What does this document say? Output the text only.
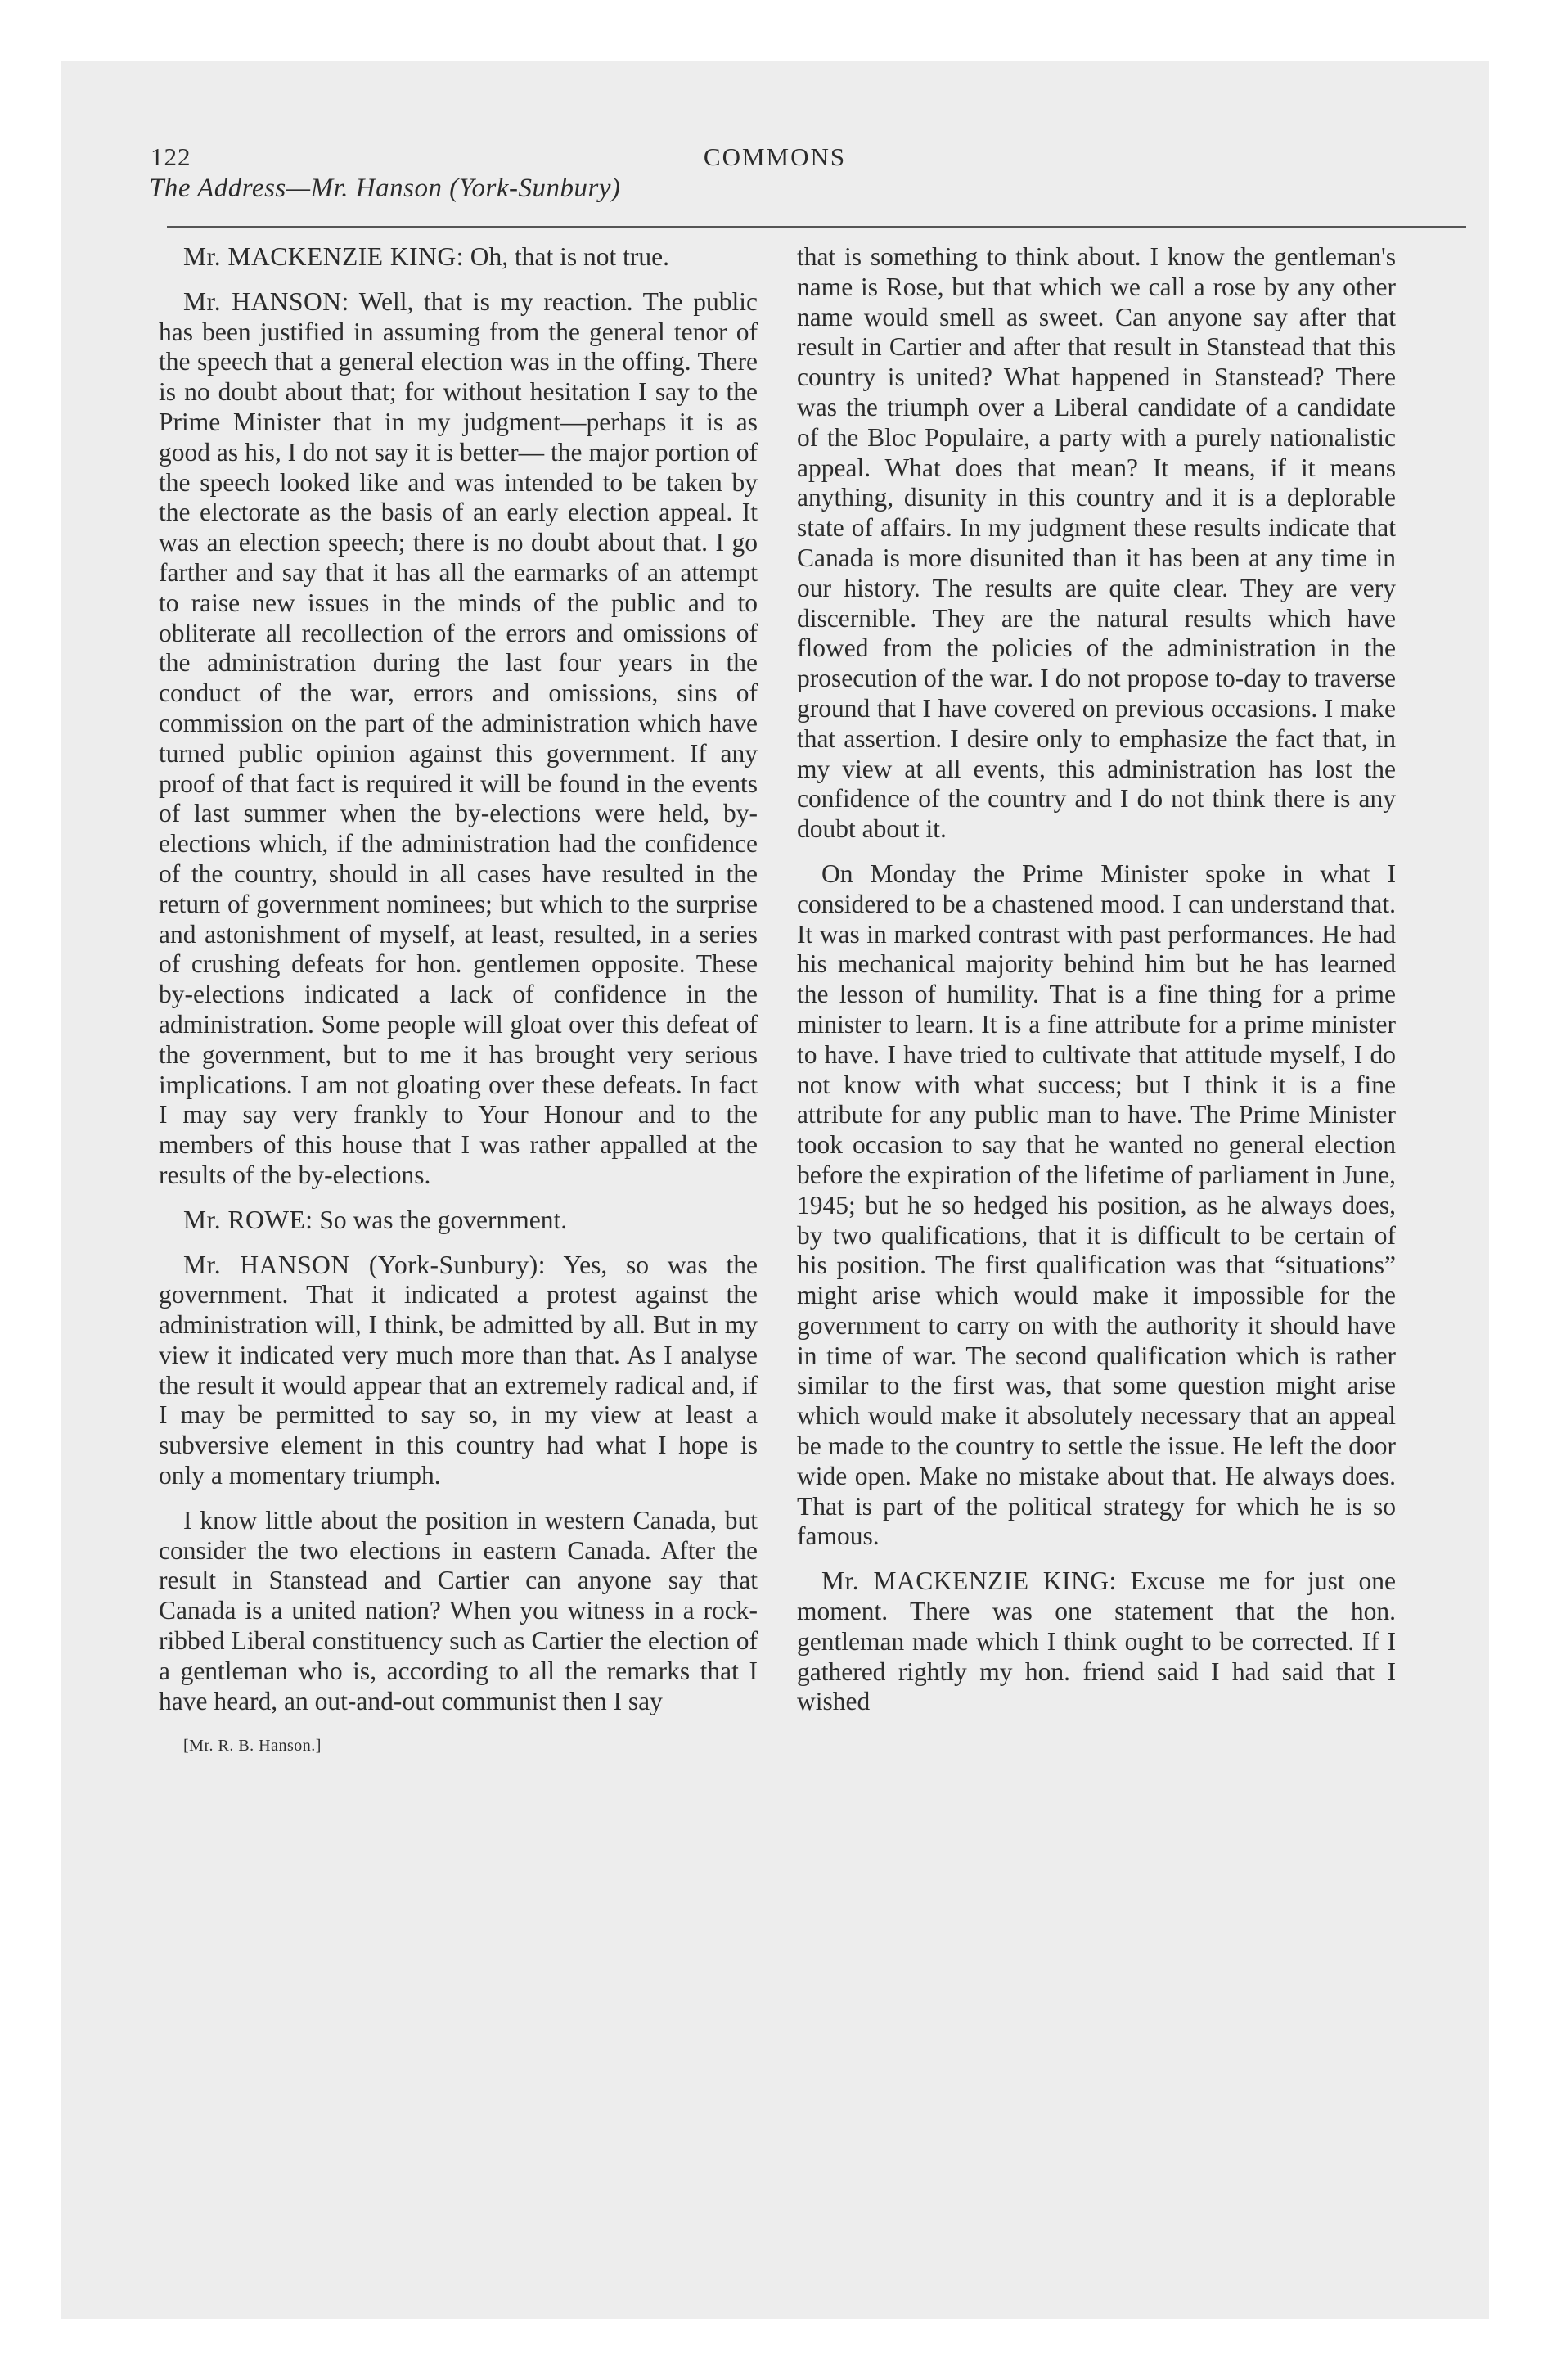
122	COMMONS
The Address—Mr. Hanson (York-Sunbury)

Mr. MACKENZIE KING: Oh, that is not true.

Mr. HANSON: Well, that is my reaction. The public has been justified in assuming from the general tenor of the speech that a general election was in the offing. There is no doubt about that; for without hesitation I say to the Prime Minister that in my judgment—perhaps it is as good as his, I do not say it is better— the major portion of the speech looked like and was intended to be taken by the electorate as the basis of an early election appeal. It was an election speech; there is no doubt about that. I go farther and say that it has all the earmarks of an attempt to raise new issues in the minds of the public and to obliterate all recollection of the errors and omissions of the administration during the last four years in the conduct of the war, errors and omissions, sins of commission on the part of the administration which have turned public opinion against this government. If any proof of that fact is required it will be found in the events of last summer when the by-elections were held, by-elections which, if the administration had the confidence of the country, should in all cases have resulted in the return of government nominees; but which to the surprise and astonishment of myself, at least, resulted, in a series of crushing defeats for hon. gentlemen opposite. These by-elections indicated a lack of confidence in the administration. Some people will gloat over this defeat of the government, but to me it has brought very serious implications. I am not gloating over these defeats. In fact I may say very frankly to Your Honour and to the members of this house that I was rather appalled at the results of the by-elections.

Mr. ROWE: So was the government.

Mr. HANSON (York-Sunbury): Yes, so was the government. That it indicated a protest against the administration will, I think, be admitted by all. But in my view it indicated very much more than that. As I analyse the result it would appear that an extremely radical and, if I may be permitted to say so, in my view at least a subversive element in this country had what I hope is only a momentary triumph.

I know little about the position in western Canada, but consider the two elections in eastern Canada. After the result in Stanstead and Cartier can anyone say that Canada is a united nation? When you witness in a rock-ribbed Liberal constituency such as Cartier the election of a gentleman who is, according to all the remarks that I have heard, an out-and-out communist then I say

[Mr. R. B. Hanson.]

that is something to think about. I know the gentleman's name is Rose, but that which we call a rose by any other name would smell as sweet. Can anyone say after that result in Cartier and after that result in Stanstead that this country is united? What happened in Stanstead? There was the triumph over a Liberal candidate of a candidate of the Bloc Populaire, a party with a purely nationalistic appeal. What does that mean? It means, if it means anything, disunity in this country and it is a deplorable state of affairs. In my judgment these results indicate that Canada is more disunited than it has been at any time in our history. The results are quite clear. They are very discernible. They are the natural results which have flowed from the policies of the administration in the prosecution of the war. I do not propose to-day to traverse ground that I have covered on previous occasions. I make that assertion. I desire only to emphasize the fact that, in my view at all events, this administration has lost the confidence of the country and I do not think there is any doubt about it.

On Monday the Prime Minister spoke in what I considered to be a chastened mood. I can understand that. It was in marked contrast with past performances. He had his mechanical majority behind him but he has learned the lesson of humility. That is a fine thing for a prime minister to learn. It is a fine attribute for a prime minister to have. I have tried to cultivate that attitude myself, I do not know with what success; but I think it is a fine attribute for any public man to have. The Prime Minister took occasion to say that he wanted no general election before the expiration of the lifetime of parliament in June, 1945; but he so hedged his position, as he always does, by two qualifications, that it is difficult to be certain of his position. The first qualification was that “situations” might arise which would make it impossible for the government to carry on with the authority it should have in time of war. The second qualification which is rather similar to the first was, that some question might arise which would make it absolutely necessary that an appeal be made to the country to settle the issue. He left the door wide open. Make no mistake about that. He always does. That is part of the political strategy for which he is so famous.

Mr. MACKENZIE KING: Excuse me for just one moment. There was one statement that the hon. gentleman made which I think ought to be corrected. If I gathered rightly my hon. friend said I had said that I wished
